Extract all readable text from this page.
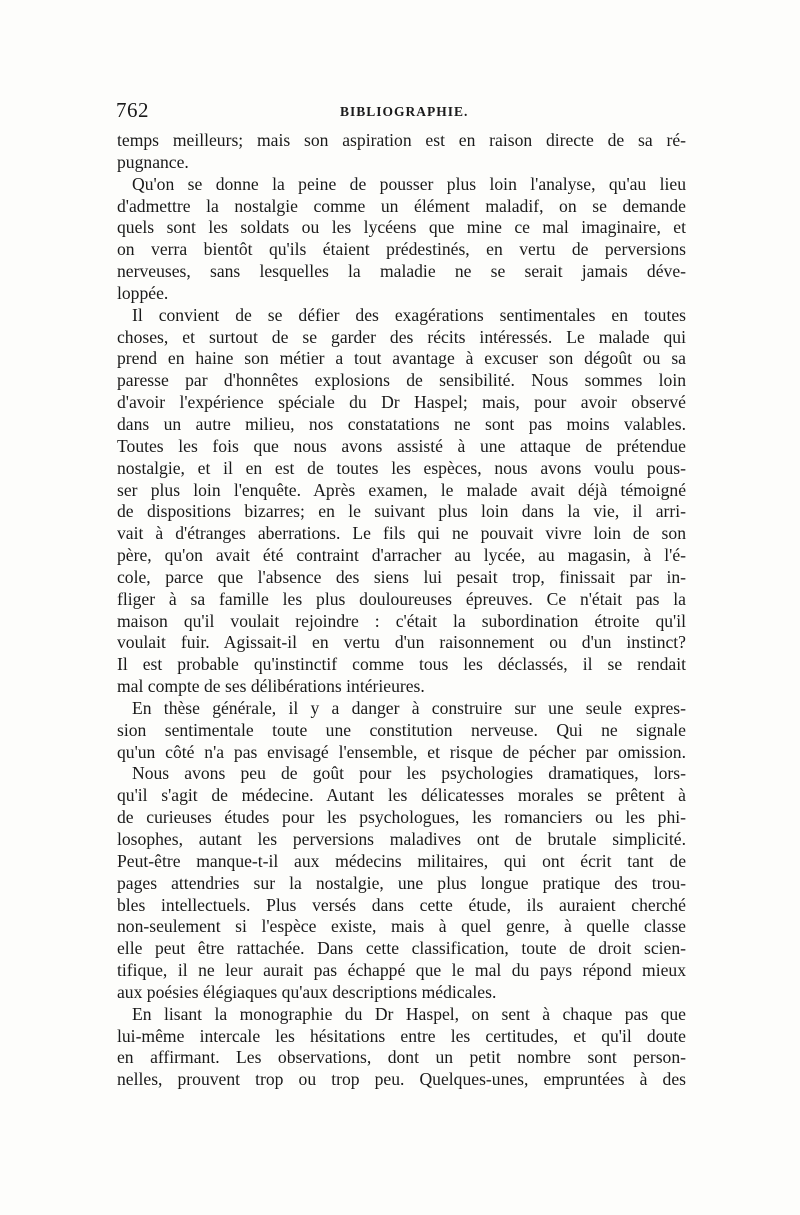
762	BIBLIOGRAPHIE.
temps meilleurs; mais son aspiration est en raison directe de sa ré-
pugnance.
Qu'on se donne la peine de pousser plus loin l'analyse, qu'au lieu
d'admettre la nostalgie comme un élément maladif, on se demande
quels sont les soldats ou les lycéens que mine ce mal imaginaire, et
on verra bientôt qu'ils étaient prédestinés, en vertu de perversions
nerveuses, sans lesquelles la maladie ne se serait jamais déve-
loppée.
Il convient de se défier des exagérations sentimentales en toutes
choses, et surtout de se garder des récits intéressés. Le malade qui
prend en haine son métier a tout avantage à excuser son dégoût ou sa
paresse par d'honnêtes explosions de sensibilité. Nous sommes loin
d'avoir l'expérience spéciale du Dr Haspel; mais, pour avoir observé
dans un autre milieu, nos constatations ne sont pas moins valables.
Toutes les fois que nous avons assisté à une attaque de prétendue
nostalgie, et il en est de toutes les espèces, nous avons voulu pous-
ser plus loin l'enquête. Après examen, le malade avait déjà témoigné
de dispositions bizarres; en le suivant plus loin dans la vie, il arri-
vait à d'étranges aberrations. Le fils qui ne pouvait vivre loin de son
père, qu'on avait été contraint d'arracher au lycée, au magasin, à l'é-
cole, parce que l'absence des siens lui pesait trop, finissait par in-
fliger à sa famille les plus douloureuses épreuves. Ce n'était pas la
maison qu'il voulait rejoindre : c'était la subordination étroite qu'il
voulait fuir. Agissait-il en vertu d'un raisonnement ou d'un instinct?
Il est probable qu'instinctif comme tous les déclassés, il se rendait
mal compte de ses délibérations intérieures.
En thèse générale, il y a danger à construire sur une seule expres-
sion sentimentale toute une constitution nerveuse. Qui ne signale
qu'un côté n'a pas envisagé l'ensemble, et risque de pécher par omission.
Nous avons peu de goût pour les psychologies dramatiques, lors-
qu'il s'agit de médecine. Autant les délicatesses morales se prêtent à
de curieuses études pour les psychologues, les romanciers ou les phi-
losophes, autant les perversions maladives ont de brutale simplicité.
Peut-être manque-t-il aux médecins militaires, qui ont écrit tant de
pages attendries sur la nostalgie, une plus longue pratique des trou-
bles intellectuels. Plus versés dans cette étude, ils auraient cherché
non-seulement si l'espèce existe, mais à quel genre, à quelle classe
elle peut être rattachée. Dans cette classification, toute de droit scien-
tifique, il ne leur aurait pas échappé que le mal du pays répond mieux
aux poésies élégiaques qu'aux descriptions médicales.
En lisant la monographie du Dr Haspel, on sent à chaque pas que
lui-même intercale les hésitations entre les certitudes, et qu'il doute
en affirmant. Les observations, dont un petit nombre sont person-
nelles, prouvent trop ou trop peu. Quelques-unes, empruntées à des
